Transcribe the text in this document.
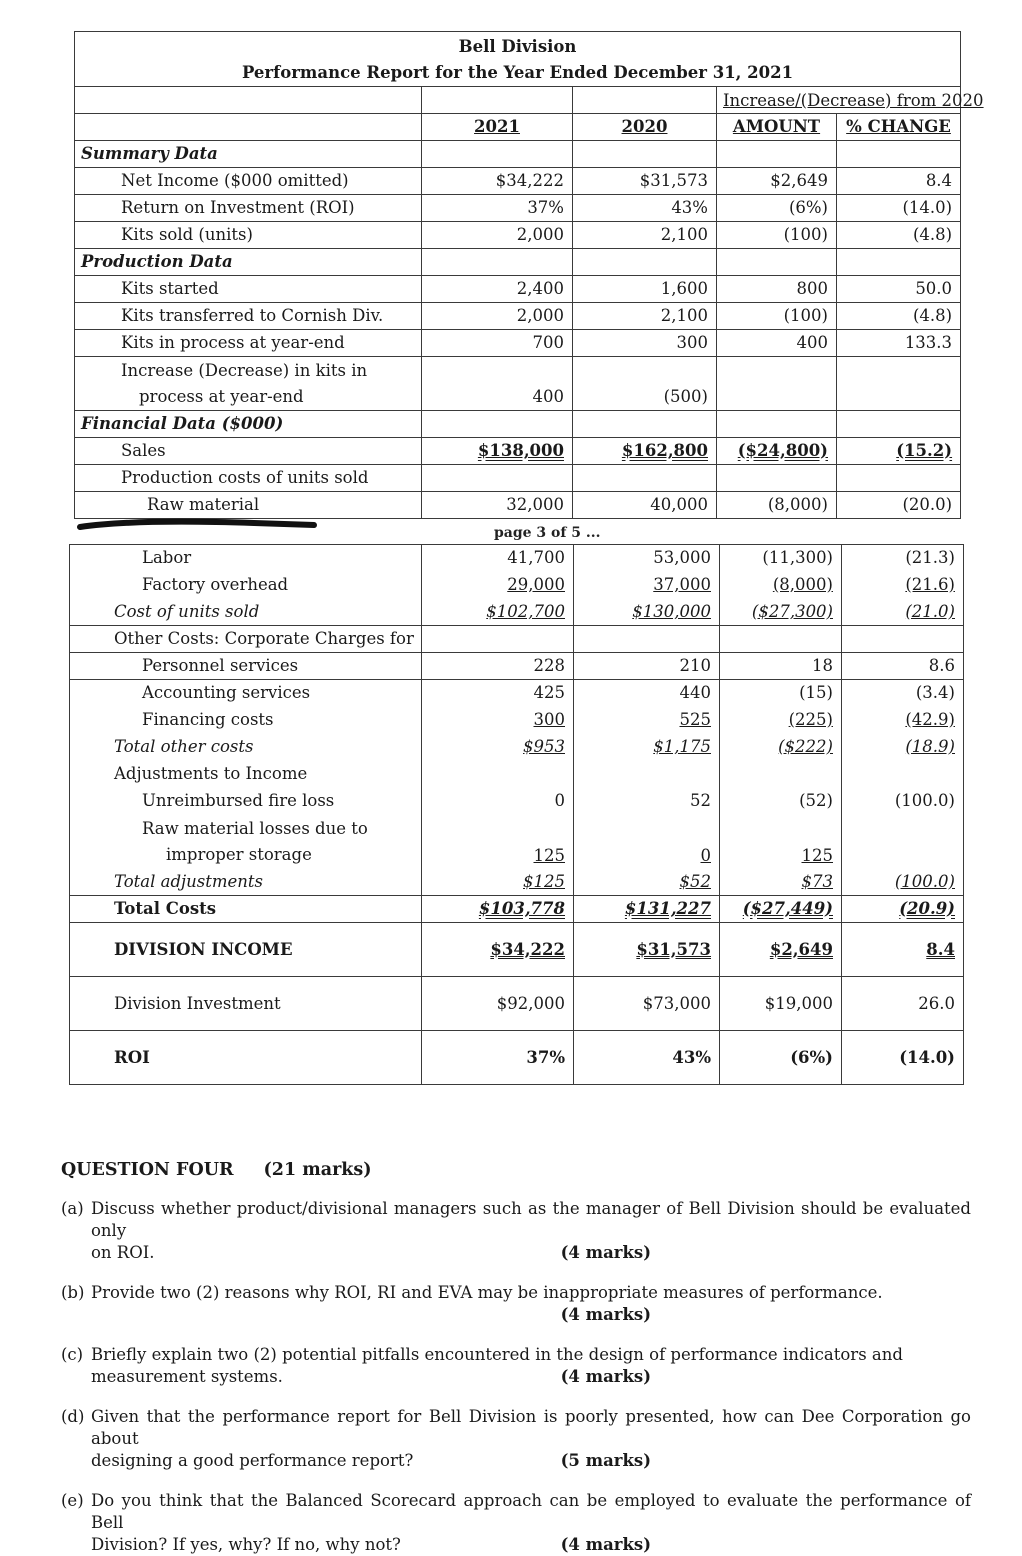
Bell Division
Performance Report for the Year Ended December 31, 2021				

			Increase/(Decrease) from 2020	
	2021	2020	AMOUNT	% CHANGE
Summary Data				
Net Income ($000 omitted)	$34,222	$31,573	$2,649	8.4
Return on Investment (ROI)	37%	43%	(6%)	(14.0)
Kits sold (units)	2,000	2,100	(100)	(4.8)
Production Data				
Kits started	2,400	1,600	800	50.0
Kits transferred to Cornish Div.	2,000	2,100	(100)	(4.8)
Kits in process at year-end	700	300	400	133.3

Increase (Decrease) in kits in
process at year-end	400	(500)		
Financial Data ($000)				
Sales	$138,000	$162,800	($24,800)	(15.2)
Production costs of units sold				
Raw material	32,000	40,000	(8,000)	(20.0)
page 3 of 5 ...
Labor	41,700	53,000	(11,300)	(21.3)
Factory overhead	29,000	37,000	(8,000)	(21.6)
Cost of units sold	$102,700	$130,000	($27,300)	(21.0)
Other Costs: Corporate Charges for				
Personnel services	228	210	18	8.6
Accounting services	425	440	(15)	(3.4)
Financing costs	300	525	(225)	(42.9)
Total other costs	$953	$1,175	($222)	(18.9)
Adjustments to Income				
Unreimbursed fire loss	0	52	(52)	(100.0)

Raw material losses due to
improper storage	125	0	125	
Total adjustments	$125	$52	$73	(100.0)
Total Costs	$103,778	$131,227	($27,449)	(20.9)
DIVISION INCOME	$34,222	$31,573	$2,649	8.4
Division Investment	$92,000	$73,000	$19,000	26.0
ROI	37%	43%	(6%)	(14.0)
QUESTION FOUR (21 marks)
(a) Discuss whether product/divisional managers such as the manager of Bell Division should be evaluated only
on ROI.	(4 marks)
(b) Provide two (2) reasons why ROI, RI and EVA may be inappropriate measures of performance.
(4 marks)
(c) Briefly explain two (2) potential pitfalls encountered in the design of performance indicators and
measurement systems.	(4 marks)
(d) Given that the performance report for Bell Division is poorly presented, how can Dee Corporation go about
designing a good performance report?	(5 marks)
(e) Do you think that the Balanced Scorecard approach can be employed to evaluate the performance of Bell
Division? If yes, why? If no, why not?	(4 marks)
